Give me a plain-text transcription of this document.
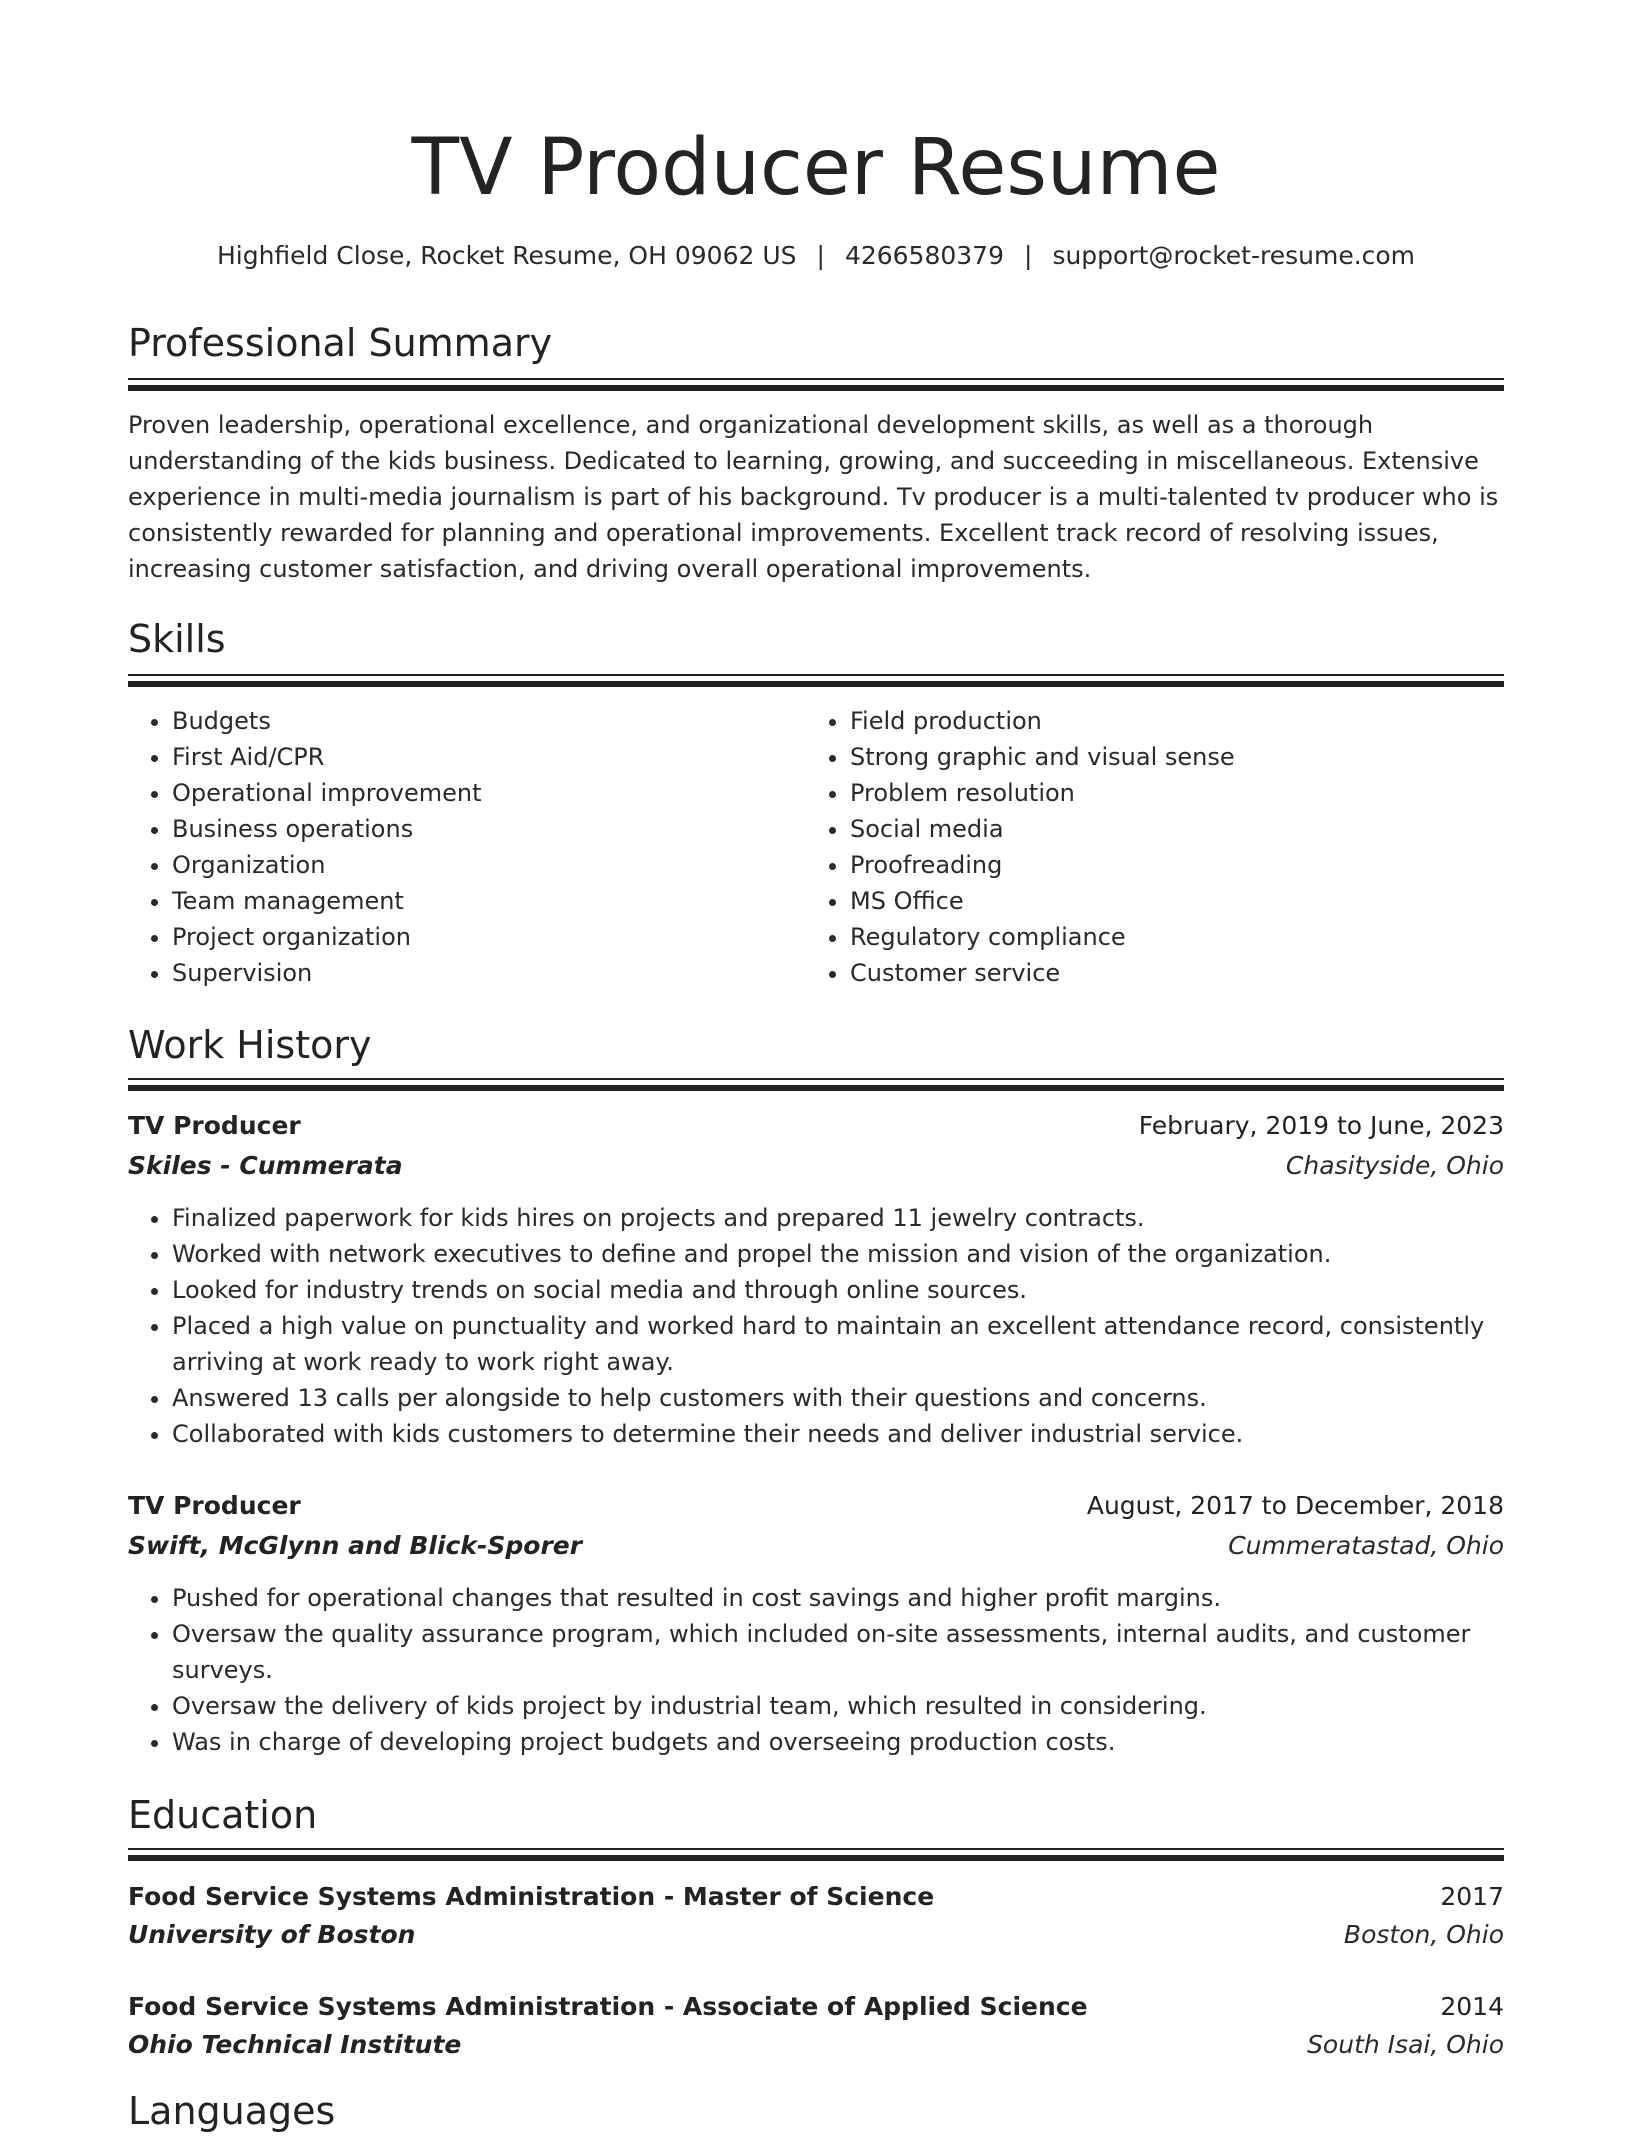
TV Producer Resume
Highfield Close, Rocket Resume, OH 09062 US | 4266580379 | support@rocket-resume.com
Professional Summary

Proven leadership, operational excellence, and organizational development skills, as well as a thorough understanding of the kids business. Dedicated to learning, growing, and succeeding in miscellaneous. Extensive experience in multi-media journalism is part of his background. Tv producer is a multi-talented tv producer who is consistently rewarded for planning and operational improvements. Excellent track record of resolving issues, increasing customer satisfaction, and driving overall operational improvements.

Skills
• Budgets
• First Aid/CPR
• Operational improvement
• Business operations
• Organization
• Team management
• Project organization
• Supervision
• Field production
• Strong graphic and visual sense
• Problem resolution
• Social media
• Proofreading
• MS Office
• Regulatory compliance
• Customer service
Work History
TV Producer	February, 2019 to June, 2023
Skiles - Cummerata	Chasityside, Ohio
• Finalized paperwork for kids hires on projects and prepared 11 jewelry contracts.
• Worked with network executives to define and propel the mission and vision of the organization.
• Looked for industry trends on social media and through online sources.
• Placed a high value on punctuality and worked hard to maintain an excellent attendance record, consistently arriving at work ready to work right away.
• Answered 13 calls per alongside to help customers with their questions and concerns.
• Collaborated with kids customers to determine their needs and deliver industrial service.
TV Producer	August, 2017 to December, 2018
Swift, McGlynn and Blick-Sporer	Cummeratastad, Ohio
• Pushed for operational changes that resulted in cost savings and higher profit margins.
• Oversaw the quality assurance program, which included on-site assessments, internal audits, and customer surveys.
• Oversaw the delivery of kids project by industrial team, which resulted in considering.
• Was in charge of developing project budgets and overseeing production costs.
Education
Food Service Systems Administration - Master of Science	2017
University of Boston	Boston, Ohio
Food Service Systems Administration - Associate of Applied Science	2014
Ohio Technical Institute	South Isai, Ohio
Languages
